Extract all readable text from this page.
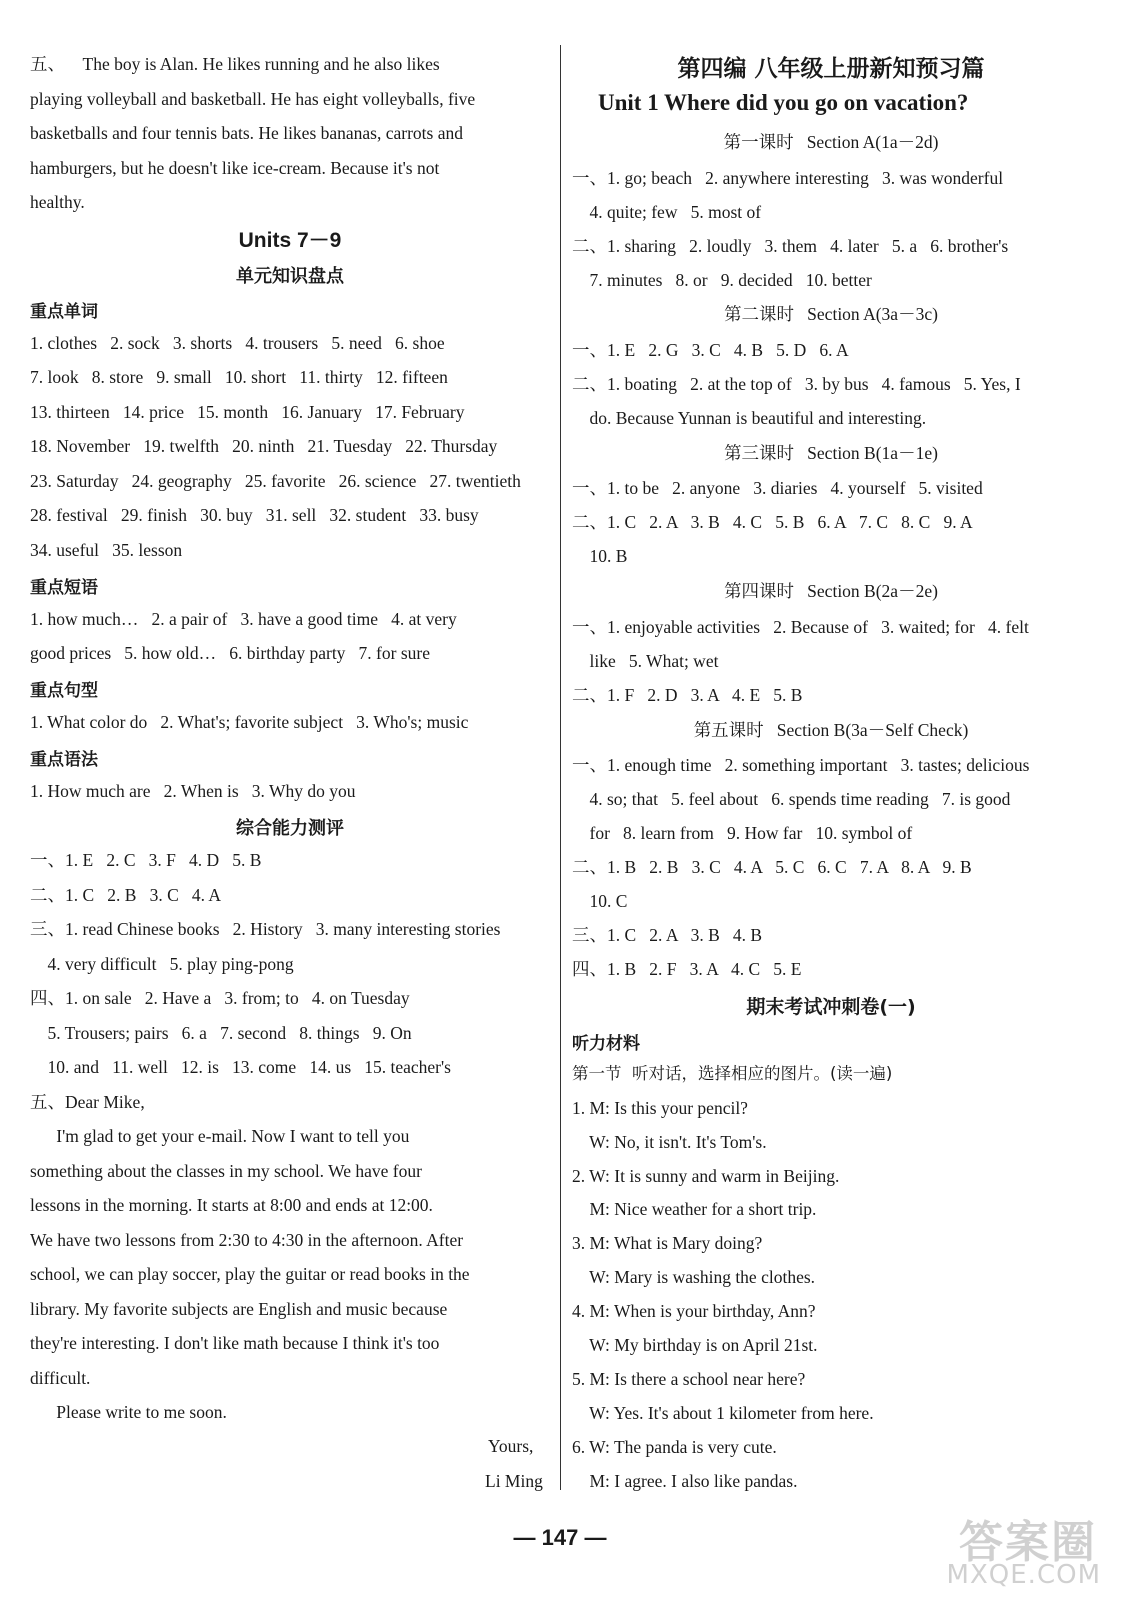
五、    The boy is Alan. He likes running and he also likes
playing volleyball and basketball. He has eight volleyballs, five
basketballs and four tennis bats. He likes bananas, carrots and
hamburgers, but he doesn't like ice-cream. Because it's not
healthy.
Units 7－9
单元知识盘点
重点单词
1. clothes   2. sock   3. shorts   4. trousers   5. need   6. shoe
7. look   8. store   9. small   10. short   11. thirty   12. fifteen
13. thirteen   14. price   15. month   16. January   17. February
18. November   19. twelfth   20. ninth   21. Tuesday   22. Thursday
23. Saturday   24. geography   25. favorite   26. science   27. twentieth
28. festival   29. finish   30. buy   31. sell   32. student   33. busy
34. useful   35. lesson
重点短语
1. how much…   2. a pair of   3. have a good time   4. at very
good prices   5. how old…   6. birthday party   7. for sure
重点句型
1. What color do   2. What's; favorite subject   3. Who's; music
重点语法
1. How much are   2. When is   3. Why do you
综合能力测评
一、1. E   2. C   3. F   4. D   5. B
二、1. C   2. B   3. C   4. A
三、1. read Chinese books   2. History   3. many interesting stories
4. very difficult   5. play ping-pong
四、1. on sale   2. Have a   3. from; to   4. on Tuesday
5. Trousers; pairs   6. a   7. second   8. things   9. On
10. and   11. well   12. is   13. come   14. us   15. teacher's
五、Dear Mike,
I'm glad to get your e-mail. Now I want to tell you
something about the classes in my school. We have four
lessons in the morning. It starts at 8:00 and ends at 12:00.
We have two lessons from 2:30 to 4:30 in the afternoon. After
school, we can play soccer, play the guitar or read books in the
library. My favorite subjects are English and music because
they're interesting. I don't like math because I think it's too
difficult.
Please write to me soon.
Yours,
Li Ming
第四编 八年级上册新知预习篇
Unit 1 Where did you go on vacation?
第一课时   Section A(1a－2d)
一、1. go; beach   2. anywhere interesting   3. was wonderful
4. quite; few   5. most of
二、1. sharing   2. loudly   3. them   4. later   5. a   6. brother's
7. minutes   8. or   9. decided   10. better
第二课时   Section A(3a－3c)
一、1. E   2. G   3. C   4. B   5. D   6. A
二、1. boating   2. at the top of   3. by bus   4. famous   5. Yes, I
do. Because Yunnan is beautiful and interesting.
第三课时   Section B(1a－1e)
一、1. to be   2. anyone   3. diaries   4. yourself   5. visited
二、1. C   2. A   3. B   4. C   5. B   6. A   7. C   8. C   9. A
10. B
第四课时   Section B(2a－2e)
一、1. enjoyable activities   2. Because of   3. waited; for   4. felt
like   5. What; wet
二、1. F   2. D   3. A   4. E   5. B
第五课时   Section B(3a－Self Check)
一、1. enough time   2. something important   3. tastes; delicious
4. so; that   5. feel about   6. spends time reading   7. is good
for   8. learn from   9. How far   10. symbol of
二、1. B   2. B   3. C   4. A   5. C   6. C   7. A   8. A   9. B
10. C
三、1. C   2. A   3. B   4. B
四、1. B   2. F   3. A   4. C   5. E
期末考试冲刺卷(一)
听力材料
第一节  听对话，选择相应的图片。(读一遍)
1. M: Is this your pencil?
W: No, it isn't. It's Tom's.
2. W: It is sunny and warm in Beijing.
M: Nice weather for a short trip.
3. M: What is Mary doing?
W: Mary is washing the clothes.
4. M: When is your birthday, Ann?
W: My birthday is on April 21st.
5. M: Is there a school near here?
W: Yes. It's about 1 kilometer from here.
6. W: The panda is very cute.
M: I agree. I also like pandas.
— 147 —	答案圈
MXQE.COM
